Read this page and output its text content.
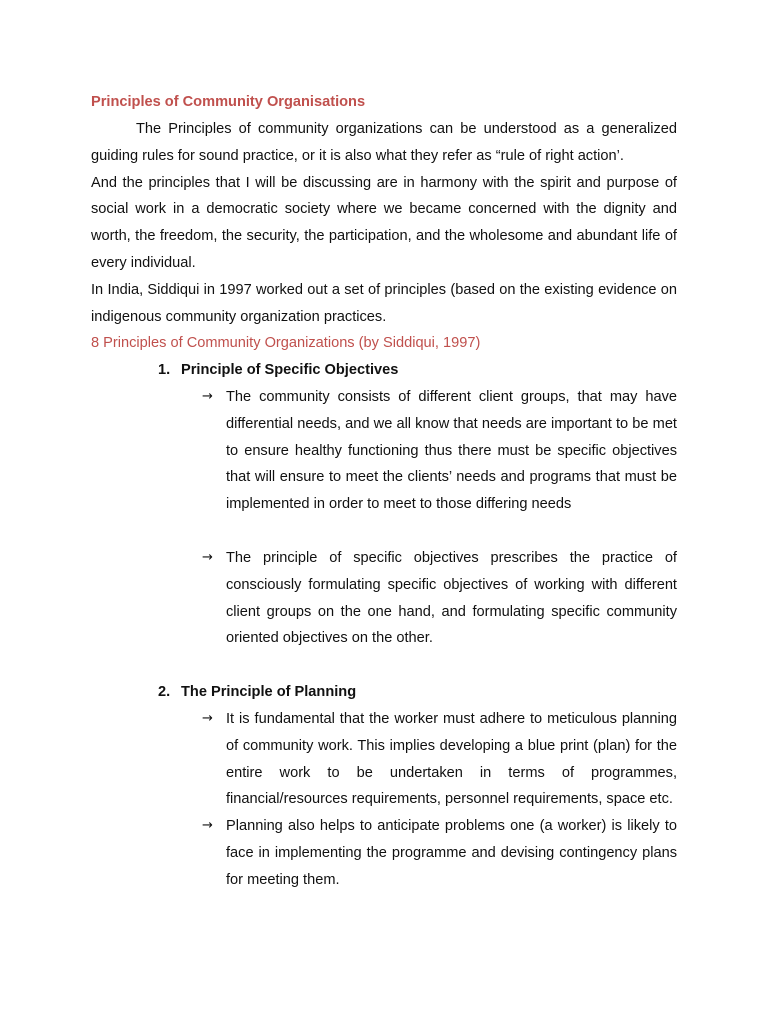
Principles of Community Organisations

The Principles of community organizations can be understood as a generalized guiding rules for sound practice, or it is also what they refer as “rule of right action’.

And the principles that I will be discussing are in harmony with the spirit and purpose of social work in a democratic society where we became concerned with the dignity and worth, the freedom, the security, the participation, and the wholesome and abundant life of every individual.

In India, Siddiqui in 1997 worked out a set of principles (based on the existing evidence on indigenous community organization practices.

8 Principles of Community Organizations (by Siddiqui, 1997)

1. Principle of Specific Objectives
→ The community consists of different client groups, that may have differential needs, and we all know that needs are important to be met to ensure healthy functioning thus there must be specific objectives that will ensure to meet the clients’ needs and programs that must be implemented in order to meet to those differing needs
→ The principle of specific objectives prescribes the practice of consciously formulating specific objectives of working with different client groups on the one hand, and formulating specific community oriented objectives on the other.
2. The Principle of Planning
→ It is fundamental that the worker must adhere to meticulous planning of community work. This implies developing a blue print (plan) for the entire work to be undertaken in terms of programmes, financial/resources requirements, personnel requirements, space etc.
→ Planning also helps to anticipate problems one (a worker) is likely to face in implementing the programme and devising contingency plans for meeting them.
